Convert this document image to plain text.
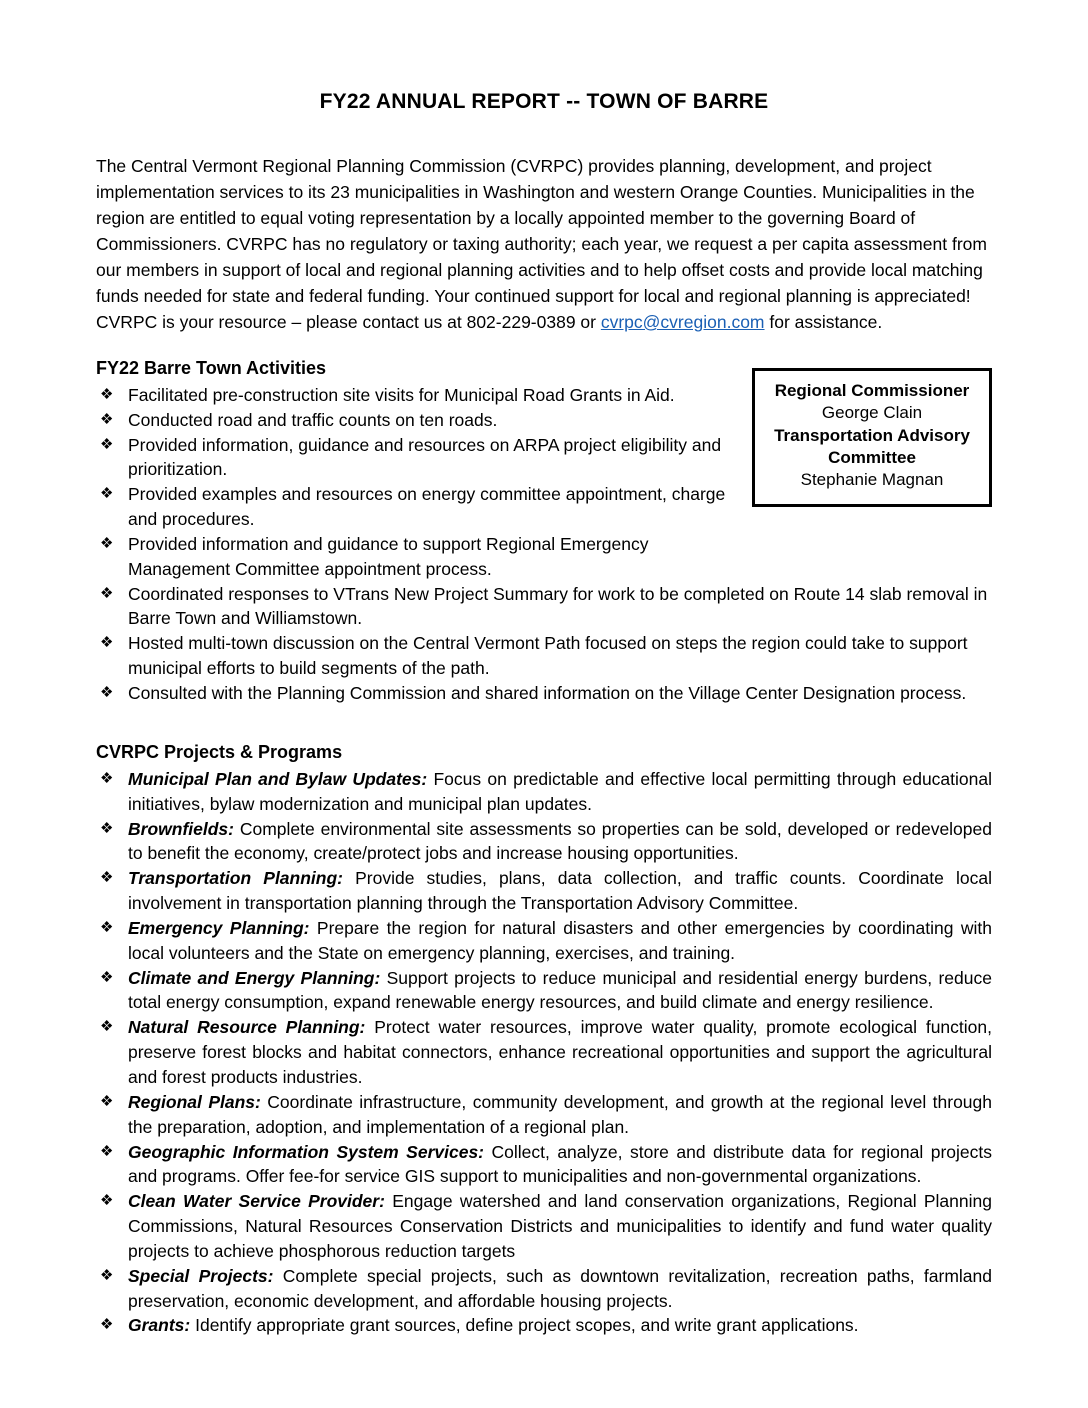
FY22 ANNUAL REPORT -- TOWN OF BARRE

The Central Vermont Regional Planning Commission (CVRPC) provides planning, development, and project implementation services to its 23 municipalities in Washington and western Orange Counties. Municipalities in the region are entitled to equal voting representation by a locally appointed member to the governing Board of Commissioners. CVRPC has no regulatory or taxing authority; each year, we request a per capita assessment from our members in support of local and regional planning activities and to help offset costs and provide local matching funds needed for state and federal funding. Your continued support for local and regional planning is appreciated! CVRPC is your resource – please contact us at 802-229-0389 or cvrpc@cvregion.com for assistance.

FY22 Barre Town Activities
❖ Facilitated pre-construction site visits for Municipal Road Grants in Aid.
❖ Conducted road and traffic counts on ten roads.
❖ Provided information, guidance and resources on ARPA project eligibility and prioritization.
❖ Provided examples and resources on energy committee appointment, charge and procedures.
❖ Provided information and guidance to support Regional Emergency Management Committee appointment process.
❖ Coordinated responses to VTrans New Project Summary for work to be completed on Route 14 slab removal in Barre Town and Williamstown.
❖ Hosted multi-town discussion on the Central Vermont Path focused on steps the region could take to support municipal efforts to build segments of the path.
❖ Consulted with the Planning Commission and shared information on the Village Center Designation process.
CVRPC Projects & Programs
❖ Municipal Plan and Bylaw Updates: Focus on predictable and effective local permitting through educational initiatives, bylaw modernization and municipal plan updates.
❖ Brownfields: Complete environmental site assessments so properties can be sold, developed or redeveloped to benefit the economy, create/protect jobs and increase housing opportunities.
❖ Transportation Planning: Provide studies, plans, data collection, and traffic counts. Coordinate local involvement in transportation planning through the Transportation Advisory Committee.
❖ Emergency Planning: Prepare the region for natural disasters and other emergencies by coordinating with local volunteers and the State on emergency planning, exercises, and training.
❖ Climate and Energy Planning: Support projects to reduce municipal and residential energy burdens, reduce total energy consumption, expand renewable energy resources, and build climate and energy resilience.
❖ Natural Resource Planning: Protect water resources, improve water quality, promote ecological function, preserve forest blocks and habitat connectors, enhance recreational opportunities and support the agricultural and forest products industries.
❖ Regional Plans: Coordinate infrastructure, community development, and growth at the regional level through the preparation, adoption, and implementation of a regional plan.
❖ Geographic Information System Services: Collect, analyze, store and distribute data for regional projects and programs. Offer fee-for service GIS support to municipalities and non-governmental organizations.
❖ Clean Water Service Provider: Engage watershed and land conservation organizations, Regional Planning Commissions, Natural Resources Conservation Districts and municipalities to identify and fund water quality projects to achieve phosphorous reduction targets
❖ Special Projects: Complete special projects, such as downtown revitalization, recreation paths, farmland preservation, economic development, and affordable housing projects.
❖ Grants: Identify appropriate grant sources, define project scopes, and write grant applications.
Regional Commissioner
George Clain
Transportation Advisory Committee
Stephanie Magnan
